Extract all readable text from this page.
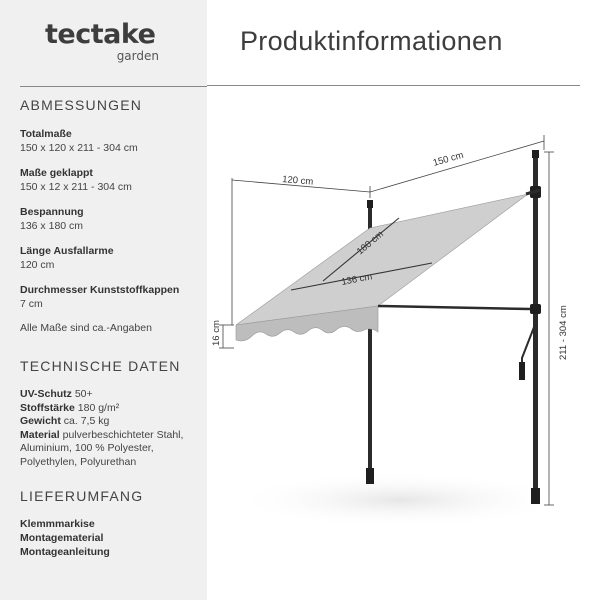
tectake
garden
ABMESSUNGEN
Totalmaße
150 x 120 x 211 - 304 cm
Maße geklappt
150 x 12 x 211 - 304 cm
Bespannung
136 x 180 cm
Länge Ausfallarme
120 cm
Durchmesser Kunststoffkappen
7 cm
Alle Maße sind ca.-Angaben
TECHNISCHE DATEN
UV-Schutz 50+
Stoffstärke 180 g/m²
Gewicht ca. 7,5 kg
Material pulverbeschichteter Stahl, Aluminium, 100 % Polyester, Polyethylen, Polyurethan
LIEFERUMFANG
Klemmmarkise
Montagematerial
Montageanleitung
Produktinformationen
120 cm
150 cm
211 - 304 cm
16 cm
180 cm
136 cm
